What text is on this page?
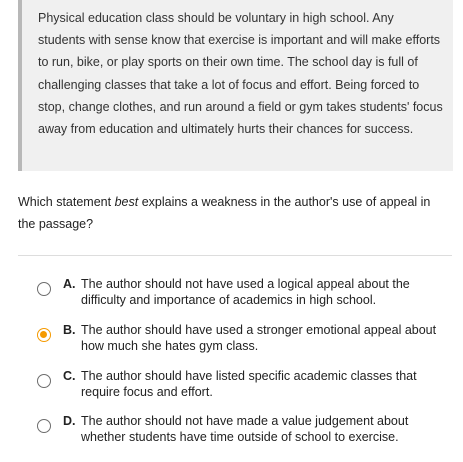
Physical education class should be voluntary in high school. Any students with sense know that exercise is important and will make efforts to run, bike, or play sports on their own time. The school day is full of challenging classes that take a lot of focus and effort. Being forced to stop, change clothes, and run around a field or gym takes students' focus away from education and ultimately hurts their chances for success.

Which statement best explains a weakness in the author's use of appeal in the passage?

A. The author should not have used a logical appeal about the difficulty and importance of academics in high school.
B. The author should have used a stronger emotional appeal about how much she hates gym class.
C. The author should have listed specific academic classes that require focus and effort.
D. The author should not have made a value judgement about whether students have time outside of school to exercise.
